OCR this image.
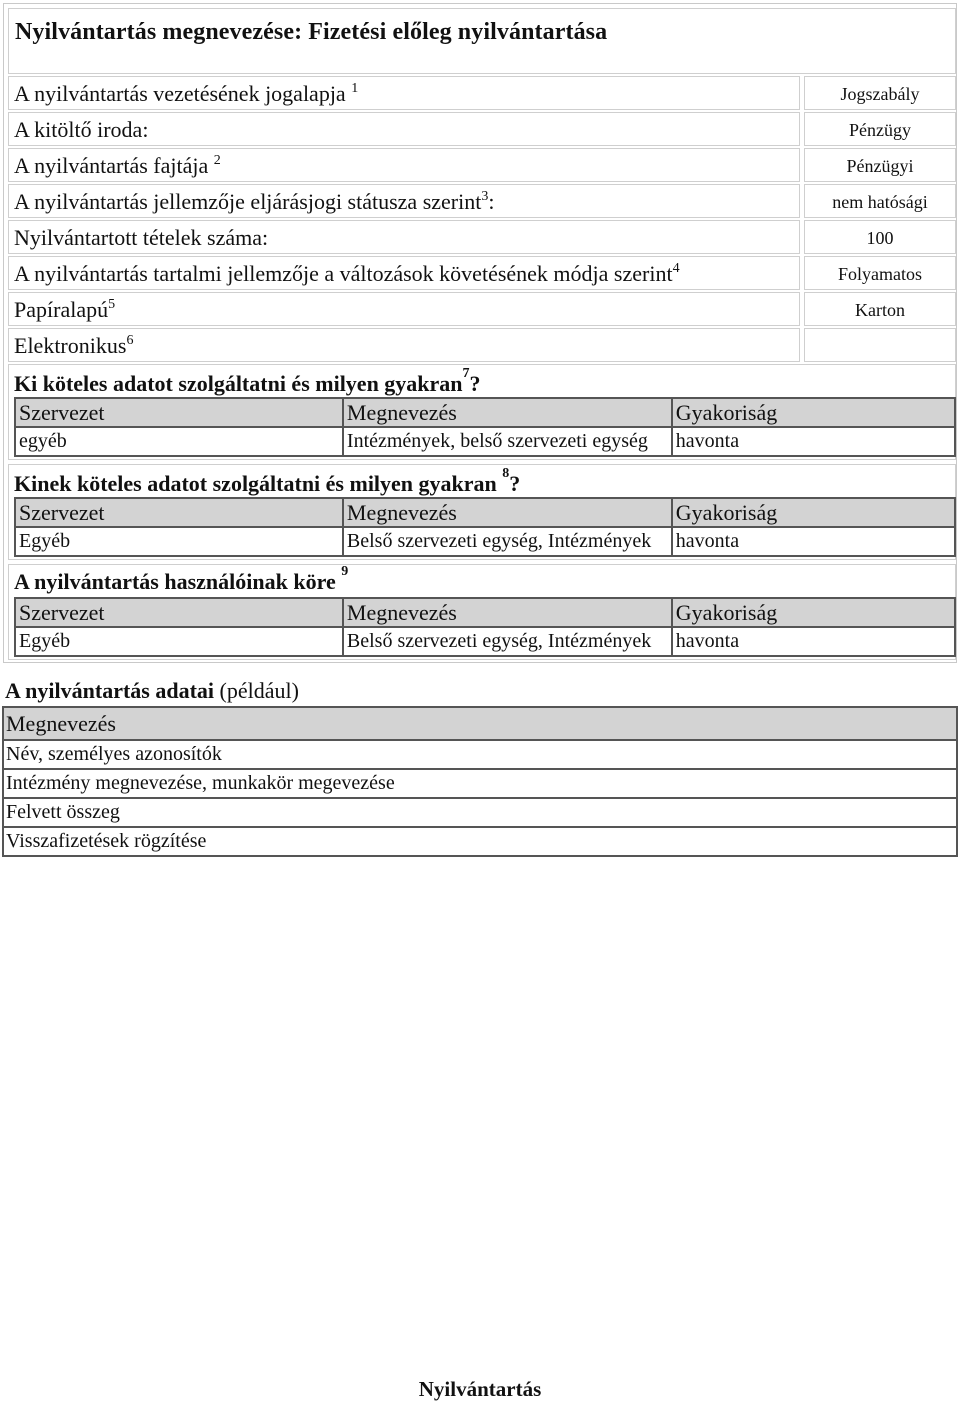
Nyilvántartás megnevezése: Fizetési előleg nyilvántartása
A nyilvántartás vezetésének jogalapja $^1$	Jogszabály
A kitöltő iroda:	Pénzügy
A nyilvántartás fajtája $^2$	Pénzügyi
A nyilvántartás jellemzője eljárásjogi státusza szerint$^3$:	nem hatósági
Nyilvántartott tételek száma:	100
A nyilvántartás tartalmi jellemzője a változások követésének módja szerint$^4$	Folyamatos
Papíralapú$^5$	Karton
Elektronikus$^6$
Ki köteles adatot szolgáltatni és milyen gyakran$^7$?
Szervezet	Megnevezés	Gyakoriság
egyéb	Intézmények, belső szervezeti egység	havonta
Kinek köteles adatot szolgáltatni és milyen gyakran $^8$?
Szervezet	Megnevezés	Gyakoriság
Egyéb	Belső szervezeti egység, Intézmények	havonta
A nyilvántartás használóinak köre $^9$
Szervezet	Megnevezés	Gyakoriság
Egyéb	Belső szervezeti egység, Intézmények	havonta
A nyilvántartás adatai (például)
Megnevezés
Név, személyes azonosítók
Intézmény megnevezése, munkakör megevezése
Felvett összeg
Visszafizetések rögzítése
Nyilvántartás
